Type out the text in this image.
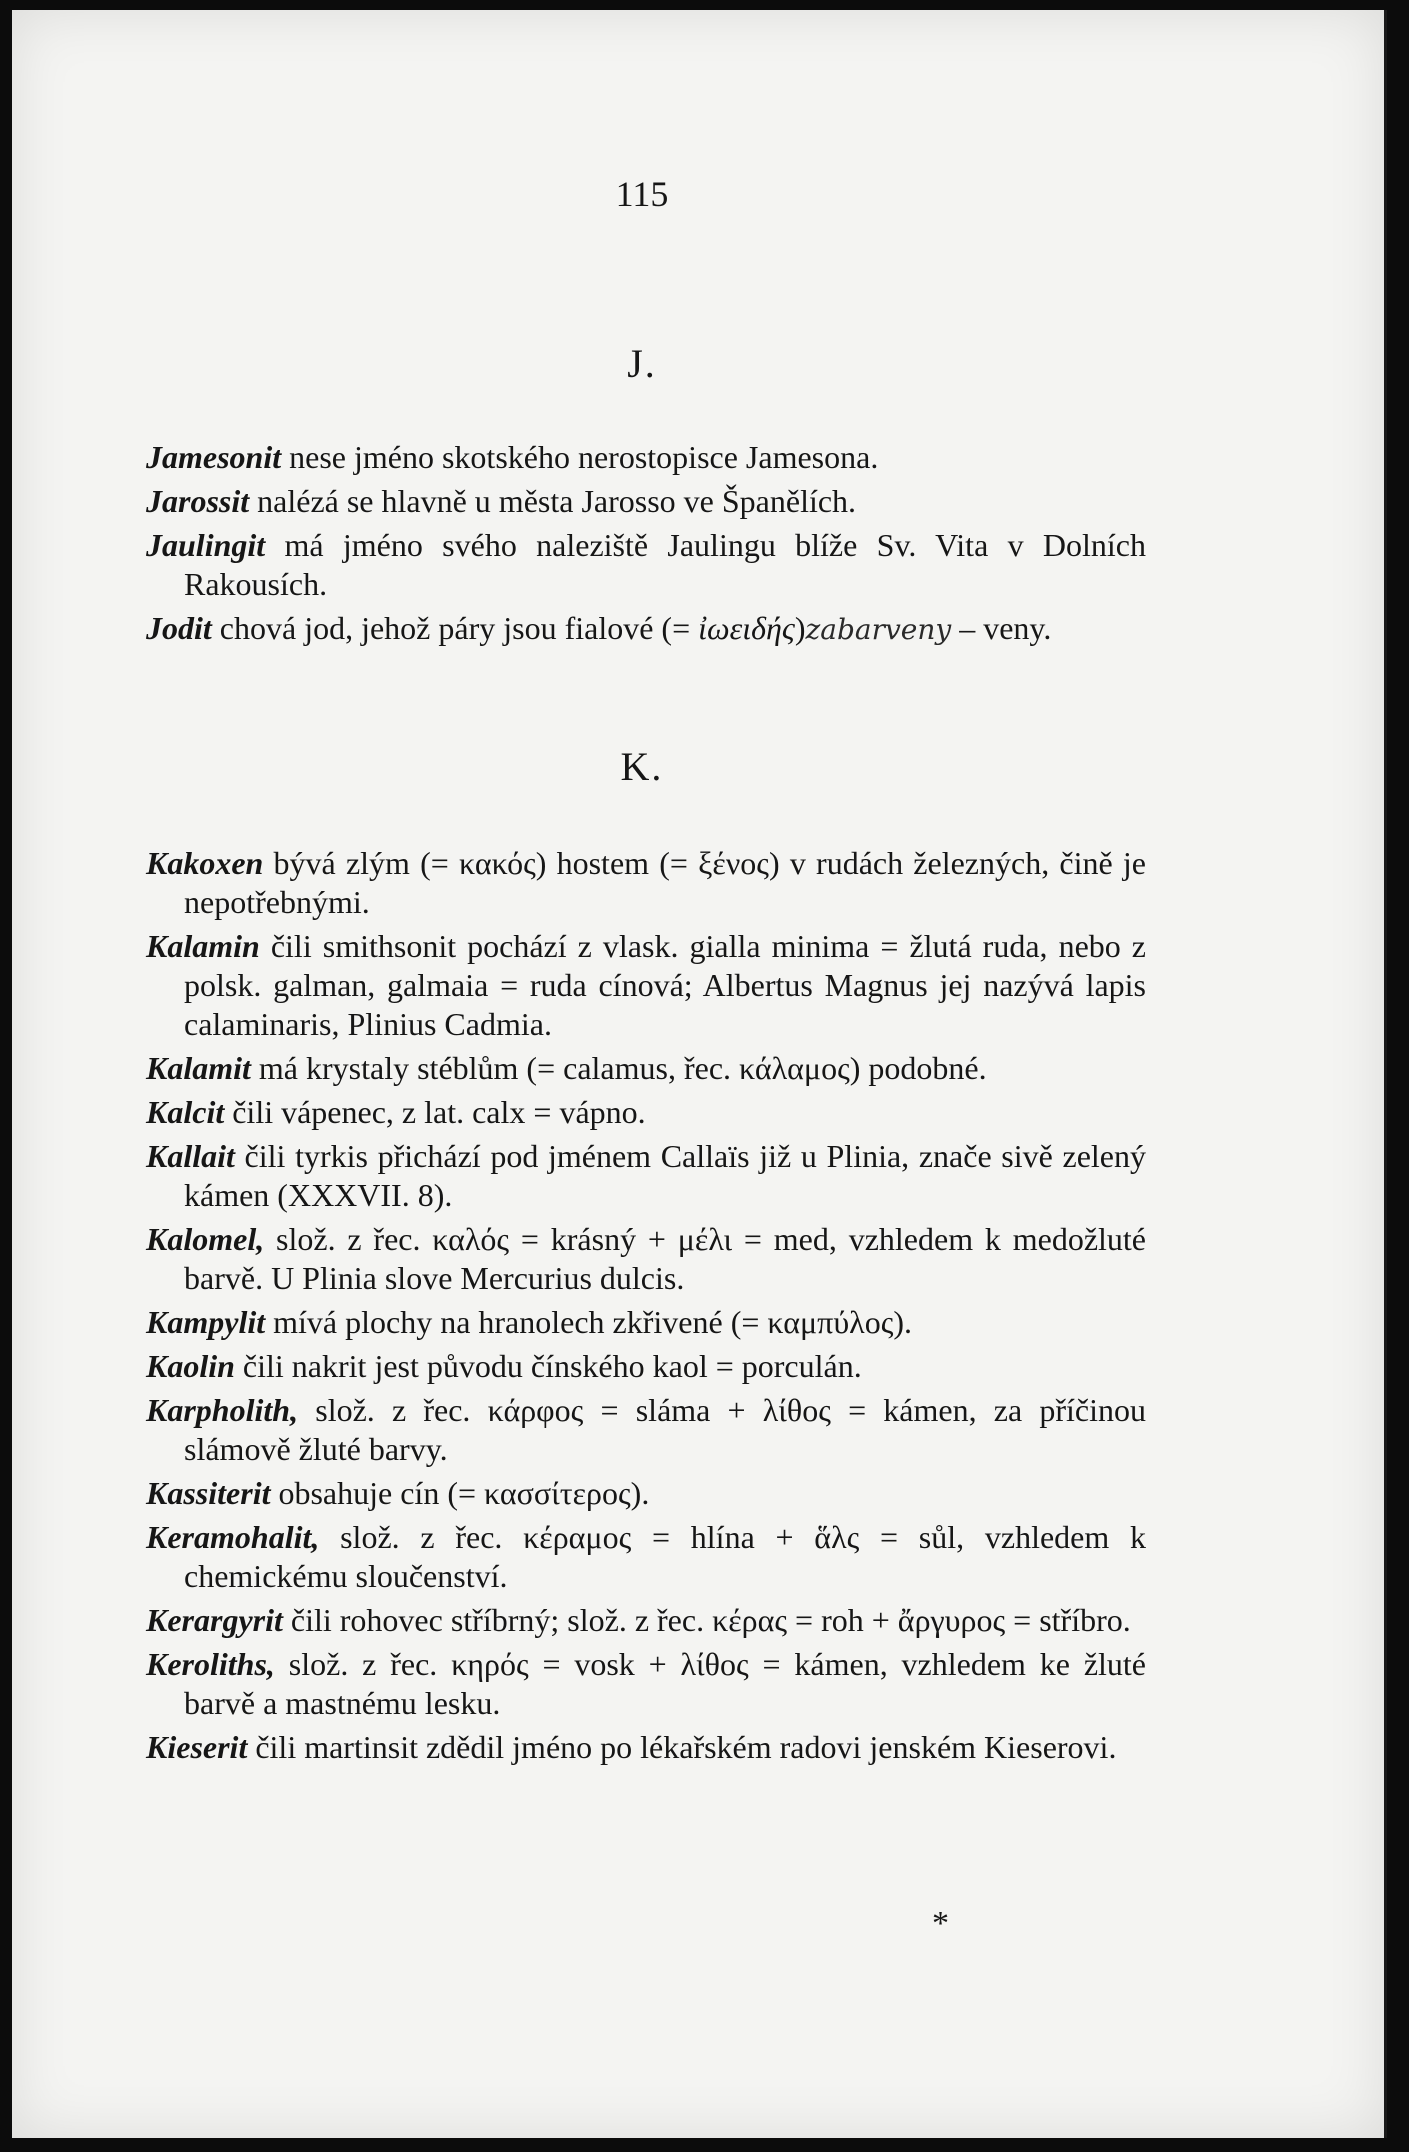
115
J.

Jamesonit nese jméno skotského nerostopisce Jamesona.

Jarossit nalézá se hlavně u města Jarosso ve Španělích.

Jaulingit má jméno svého naleziště Jaulingu blíže Sv. Vita v Dolních Rakousích.

Jodit chová jod, jehož páry jsou fialové (= ἰωειδής)zabarveny – veny.

K.

Kakoxen bývá zlým (= κακός) hostem (= ξένος) v rudách železných, čině je nepotřebnými.

Kalamin čili smithsonit pochází z vlask. gialla minima = žlutá ruda, nebo z polsk. galman, galmaia = ruda cínová; Albertus Magnus jej nazývá lapis calaminaris, Plinius Cadmia.

Kalamit má krystaly stéblům (= calamus, řec. κάλαμος) podobné.

Kalcit čili vápenec, z lat. calx = vápno.

Kallait čili tyrkis přichází pod jménem Callaïs již u Plinia, znače sivě zelený kámen (XXXVII. 8).

Kalomel, slož. z řec. καλός = krásný + μέλι = med, vzhledem k medožluté barvě. U Plinia slove Mercurius dulcis.

Kampylit mívá plochy na hranolech zkřivené (= καμπύλος).

Kaolin čili nakrit jest původu čínského kaol = porculán.

Karpholith, slož. z řec. κάρφος = sláma + λίθος = kámen, za příčinou slámově žluté barvy.

Kassiterit obsahuje cín (= κασσίτερος).

Keramohalit, slož. z řec. κέραμος = hlína + ἅλς = sůl, vzhledem k chemickému sloučenství.

Kerargyrit čili rohovec stříbrný; slož. z řec. κέρας = roh + ἄργυρος = stříbro.

Keroliths, slož. z řec. κηρός = vosk + λίθος = kámen, vzhledem ke žluté barvě a mastnému lesku.

Kieserit čili martinsit zdědil jméno po lékařském radovi jenském Kieserovi.

*
